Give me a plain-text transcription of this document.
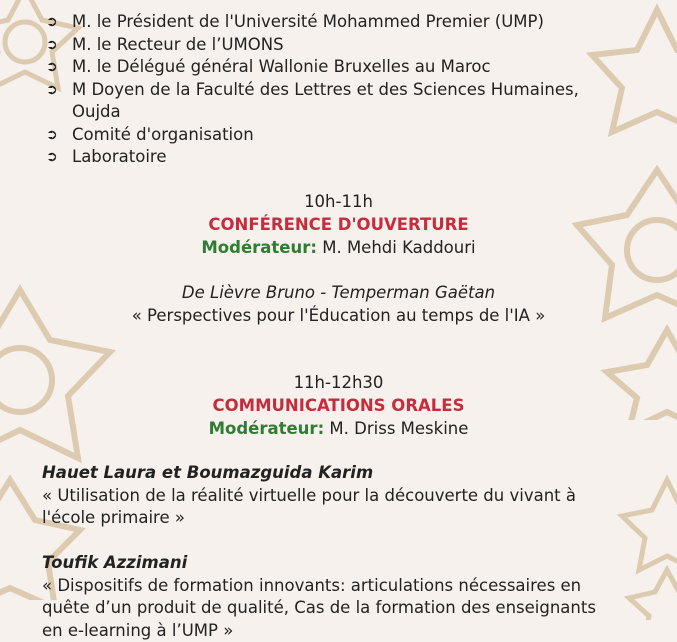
➲ M. le Président de l'Université Mohammed Premier (UMP)
➲ M. le Recteur de l’UMONS
➲ M. le Délégué général Wallonie Bruxelles au Maroc
➲ M Doyen de la Faculté des Lettres et des Sciences Humaines,
Oujda
➲ Comité d'organisation
➲ Laboratoire
10h-11h
CONFÉRENCE D'OUVERTURE
Modérateur: M. Mehdi Kaddouri
De Lièvre Bruno - Temperman Gaëtan
« Perspectives pour l'Éducation au temps de l'IA »
11h-12h30
COMMUNICATIONS ORALES
Modérateur: M. Driss Meskine
Hauet Laura et Boumazguida Karim
« Utilisation de la réalité virtuelle pour la découverte du vivant à
l'école primaire »
Toufik Azzimani
« Dispositifs de formation innovants: articulations nécessaires en
quête d’un produit de qualité, Cas de la formation des enseignants
en e-learning à l’UMP »
